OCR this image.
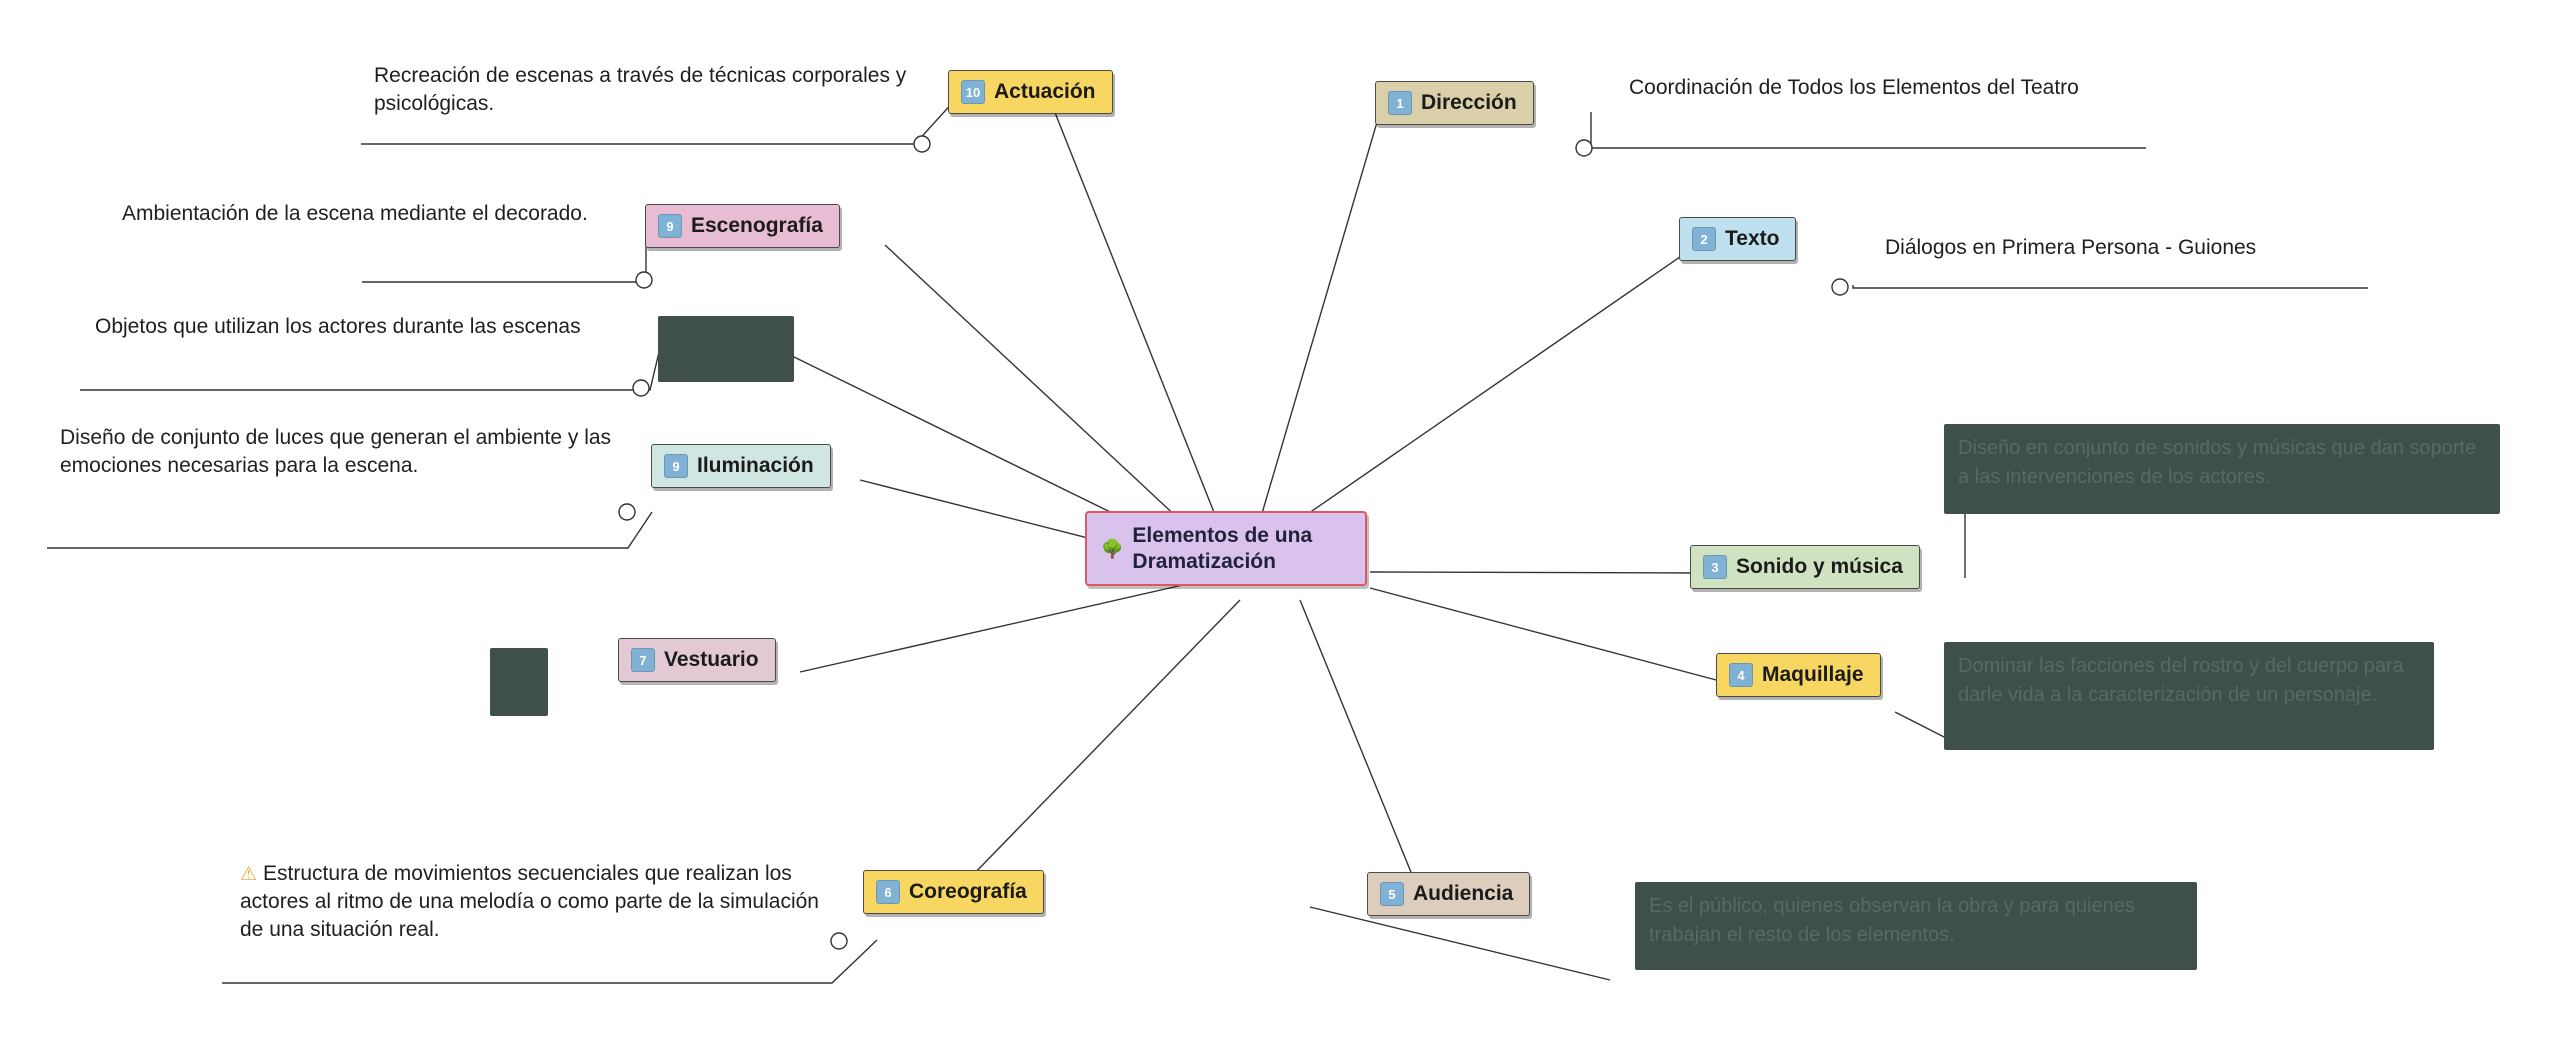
Recreación de escenas a través de técnicas corporales y psicológicas.
Coordinación de Todos los Elementos del Teatro
Ambientación de la escena mediante el decorado.
Diálogos en Primera Persona - Guiones
Objetos que utilizan los actores durante las escenas
Diseño de conjunto de luces que generan el ambiente y las emociones necesarias para la escena.

⚠ Estructura de movimientos secuenciales que realizan los actores al ritmo de una melodía o como parte de la simulación de una situación real.

Diseño en conjunto de sonidos y músicas que dan soporte a las intervenciones de los actores.
Dominar las facciones del rostro y del cuerpo para darle vida a la caracterización de un personaje.
Es el público, quienes observan la obra y para quienes trabajan el resto de los elementos.
10 Actuación	1 Dirección
9 Escenografía
2 Texto
9 Iluminación
3 Sonido y música
7 Vestuario
4 Maquillaje
6 Coreografía	5 Audiencia
🌳
Elementos de una Dramatización
